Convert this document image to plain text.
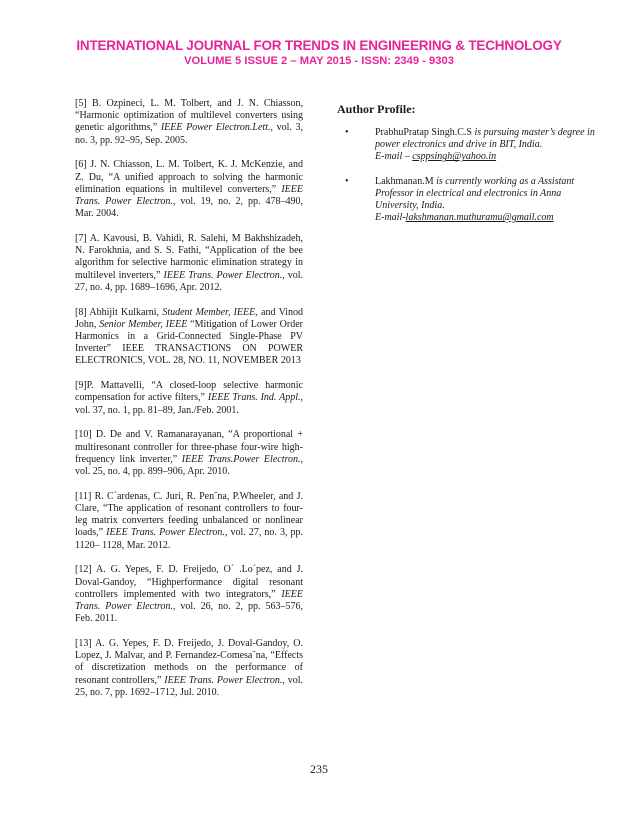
INTERNATIONAL JOURNAL FOR TRENDS IN ENGINEERING & TECHNOLOGY
VOLUME 5 ISSUE 2 – MAY 2015 - ISSN: 2349 - 9303

[5] B. Ozpineci, L. M. Tolbert, and J. N. Chiasson, “Harmonic optimization of multilevel converters using genetic algorithms,” IEEE Power Electron.Lett., vol. 3, no. 3, pp. 92–95, Sep. 2005.

[6] J. N. Chiasson, L. M. Tolbert, K. J. McKenzie, and Z. Du, “A unified approach to solving the harmonic elimination equations in multilevel converters,” IEEE Trans. Power Electron., vol. 19, no. 2, pp. 478–490, Mar. 2004.

[7] A. Kavousi, B. Vahidi, R. Salehi, M Bakhshizadeh, N. Farokhnia, and S. S. Fathi, “Application of the bee algorithm for selective harmonic elimination strategy in multilevel inverters,” IEEE Trans. Power Electron., vol. 27, no. 4, pp. 1689–1696, Apr. 2012.

[8] Abhijit Kulkarni, Student Member, IEEE, and Vinod John, Senior Member, IEEE “Mitigation of Lower Order Harmonics in a Grid-Connected Single-Phase PV Inverter” IEEE TRANSACTIONS ON POWER ELECTRONICS, VOL. 28, NO. 11, NOVEMBER 2013

[9]P. Mattavelli, “A closed-loop selective harmonic compensation for active filters,” IEEE Trans. Ind. Appl., vol. 37, no. 1, pp. 81–89, Jan./Feb. 2001.

[10] D. De and V. Ramanarayanan, “A proportional + multiresonant controller for three-phase four-wire high-frequency link inverter,” IEEE Trans.Power Electron., vol. 25, no. 4, pp. 899–906, Apr. 2010.

[11] R. C´ardenas, C. Juri, R. Pen˜na, P.Wheeler, and J. Clare, “The application of resonant controllers to four-leg matrix converters feeding unbalanced or nonlinear loads,” IEEE Trans. Power Electron., vol. 27, no. 3, pp. 1120– 1128, Mar. 2012.

[12] A. G. Yepes, F. D. Freijedo, O´ .Lo´pez, and J. Doval-Gandoy, “Highperformance digital resonant controllers implemented with two integrators,” IEEE Trans. Power Electron., vol. 26, no. 2, pp. 563–576, Feb. 2011.

[13] A. G. Yepes, F. D. Freijedo, J. Doval-Gandoy, O. Lopez, J. Malvar, and P. Fernandez-Comesa˜na, “Effects of discretization methods on the performance of resonant controllers,” IEEE Trans. Power Electron., vol. 25, no. 7, pp. 1692–1712, Jul. 2010.

Author Profile:
•	PrabhuPratap Singh.C.S is pursuing master’s degree in power electronics and drive in BIT, India.
E-mail – csppsingh@yahoo.in
•	Lakhmanan.M is currently working as a Assistant Professor in electrical and electronics in Anna University, India.
E-mail-lakshmanan.muthuramu@gmail.com
235
